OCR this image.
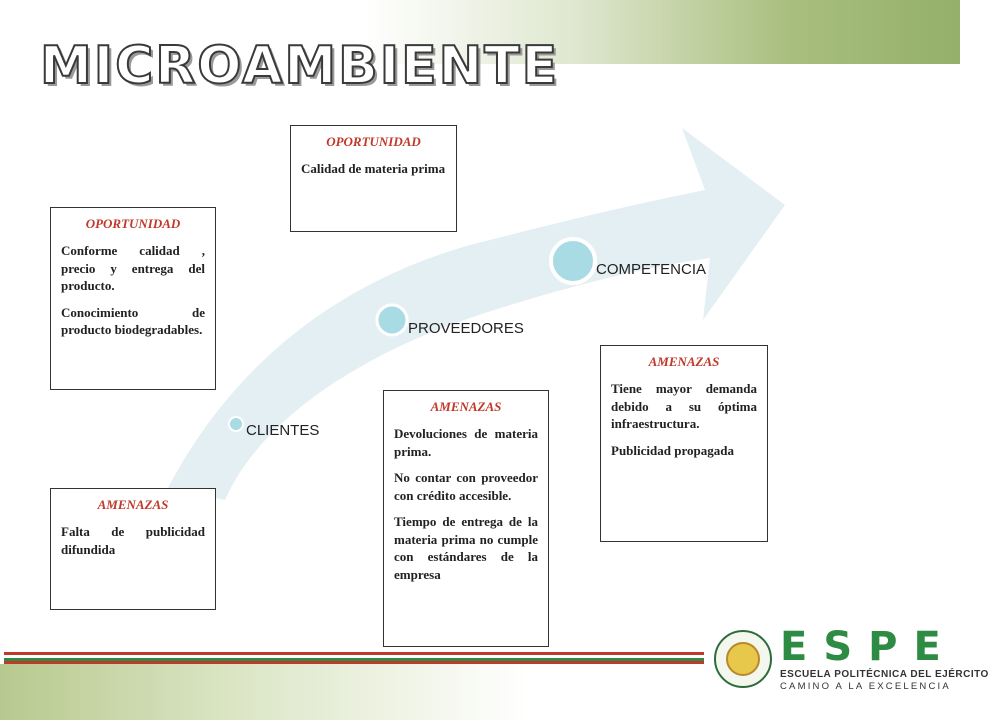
MICROAMBIENTE
CLIENTES
PROVEEDORES
COMPETENCIA
OPORTUNIDAD

Conforme calidad , precio y entrega del producto.

Conocimiento de producto biodegradables.

OPORTUNIDAD

Calidad de materia prima

AMENAZAS

Falta de publicidad difundida

AMENAZAS

Devoluciones de materia prima.

No contar con proveedor con crédito accesible.

Tiempo de entrega de la materia prima no cumple con estándares de la empresa

AMENAZAS

Tiene mayor demanda debido a su óptima infraestructura.

Publicidad propagada

ESPE
ESCUELA POLITÉCNICA DEL EJÉRCITO
CAMINO A LA EXCELENCIA
